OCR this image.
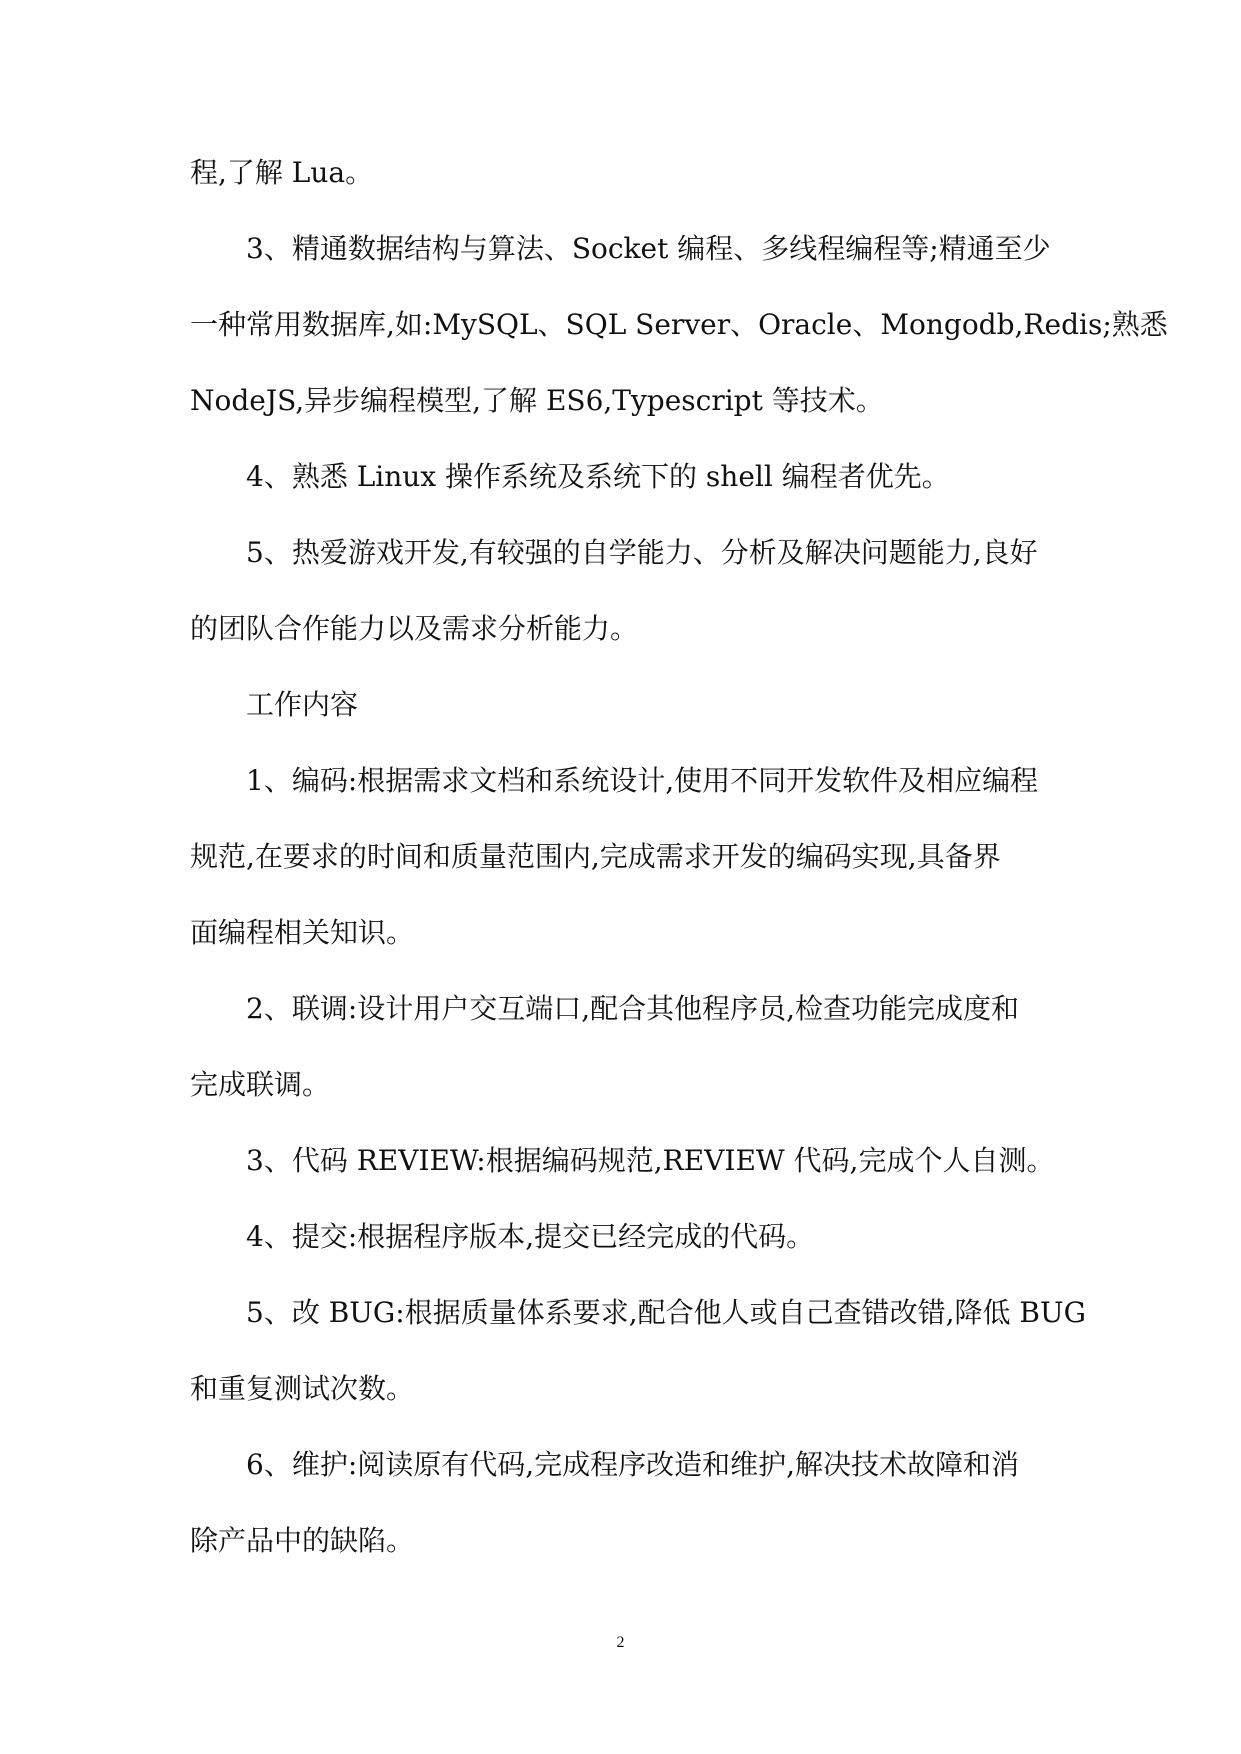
程,了解 Lua。
3、精通数据结构与算法、Socket 编程、多线程编程等;精通至少
一种常用数据库,如:MySQL、SQL Server、Oracle、Mongodb,Redis;熟悉
NodeJS,异步编程模型,了解 ES6,Typescript 等技术。
4、熟悉 Linux 操作系统及系统下的 shell 编程者优先。
5、热爱游戏开发,有较强的自学能力、分析及解决问题能力,良好
的团队合作能力以及需求分析能力。
工作内容
1、编码:根据需求文档和系统设计,使用不同开发软件及相应编程
规范,在要求的时间和质量范围内,完成需求开发的编码实现,具备界
面编程相关知识。
2、联调:设计用户交互端口,配合其他程序员,检查功能完成度和
完成联调。
3、代码 REVIEW:根据编码规范,REVIEW 代码,完成个人自测。
4、提交:根据程序版本,提交已经完成的代码。
5、改 BUG:根据质量体系要求,配合他人或自己查错改错,降低 BUG
和重复测试次数。
6、维护:阅读原有代码,完成程序改造和维护,解决技术故障和消
除产品中的缺陷。
2
